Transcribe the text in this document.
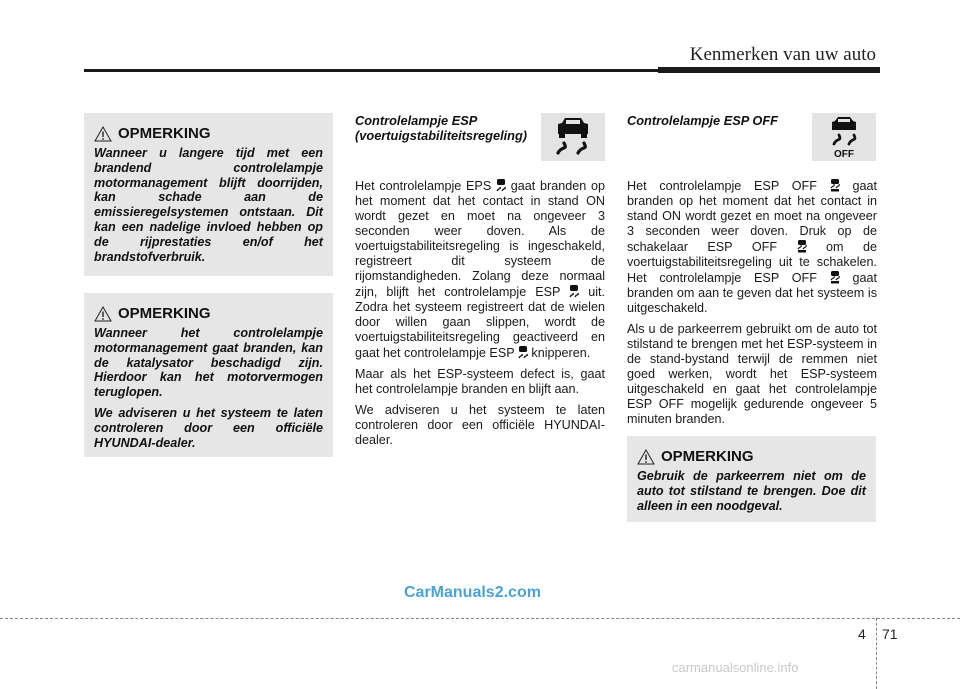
Kenmerken van uw auto
OPMERKING

Wanneer u langere tijd met een brandend controlelampje motormanagement blijft doorrijden, kan schade aan de emissieregelsystemen ontstaan. Dit kan een nadelige invloed hebben op de rijprestaties en/of het brandstofverbruik.

OPMERKING

Wanneer het controlelampje motormanagement gaat branden, kan de katalysator beschadigd zijn. Hierdoor kan het motorvermogen teruglopen.

We adviseren u het systeem te laten controleren door een officiële HYUNDAI-dealer.

Controlelampje ESP
(voertuigstabiliteitsregeling)

Het controlelampje EPS gaat branden op het moment dat het contact in stand ON wordt gezet en moet na ongeveer 3 seconden weer doven. Als de voertuigstabiliteitsregeling is ingeschakeld, registreert dit systeem de rijomstandigheden. Zolang deze normaal zijn, blijft het controlelampje ESP uit. Zodra het systeem registreert dat de wielen door willen gaan slippen, wordt de voertuigstabiliteitsregeling geactiveerd en gaat het controlelampje ESP knipperen.

Maar als het ESP-systeem defect is, gaat het controlelampje branden en blijft aan.

We adviseren u het systeem te laten controleren door een officiële HYUNDAI-dealer.

OFF
Controlelampje ESP OFF

Het controlelampje ESP OFF	gaat branden op het moment dat het contact in stand ON wordt gezet en moet na ongeveer 3 seconden weer doven. Druk op de schakelaar ESP OFF	om de voertuigstabiliteitsregeling uit te schakelen. Het controlelampje ESP OFF	gaat branden om aan te geven dat het systeem is uitgeschakeld.

Als u de parkeerrem gebruikt om de auto tot stilstand te brengen met het ESP-systeem in de stand-bystand terwijl de remmen niet goed werken, wordt het ESP-systeem uitgeschakeld en gaat het controlelampje ESP OFF mogelijk gedurende ongeveer 5 minuten branden.

OPMERKING

Gebruik de parkeerrem niet om de auto tot stilstand te brengen. Doe dit alleen in een noodgeval.

CarManuals2.com
4 71
carmanualsonline.info
